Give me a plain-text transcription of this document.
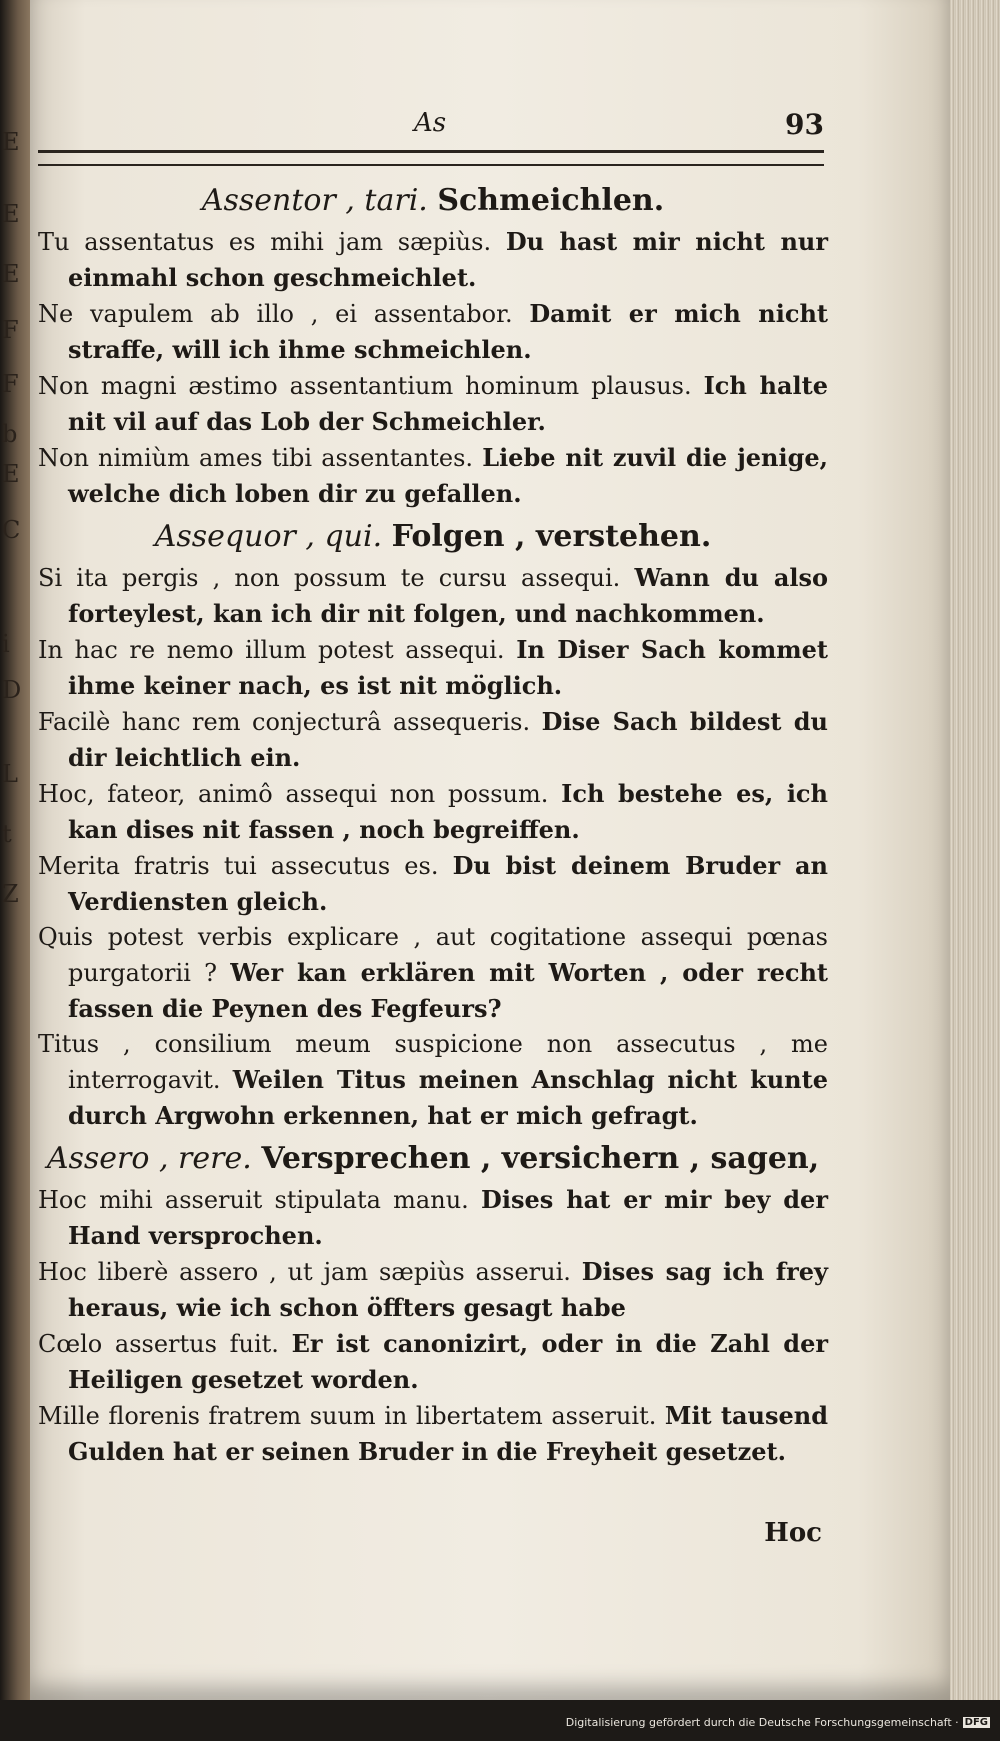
E
E
E
F
F
b
E
C
i
D
L
t
Z
As	93
Assentor , tari. Schmeichlen.
Tu assentatus es mihi jam sæpiùs. Du hast mir nicht nur einmahl schon geschmeichlet.
Ne vapulem ab illo , ei assentabor. Damit er mich nicht straffe, will ich ihme schmeichlen.
Non magni æstimo assentantium hominum plausus. Ich halte nit vil auf das Lob der Schmeichler.
Non nimiùm ames tibi assentantes. Liebe nit zuvil die jenige, welche dich loben dir zu gefallen.
Assequor , qui. Folgen , verstehen.
Si ita pergis , non possum te cursu assequi. Wann du also forteylest, kan ich dir nit folgen, und nachkommen.
In hac re nemo illum potest assequi. In Diser Sach kommet ihme keiner nach, es ist nit möglich.
Facilè hanc rem conjecturâ assequeris. Dise Sach bildest du dir leichtlich ein.
Hoc, fateor, animô assequi non possum. Ich bestehe es, ich kan dises nit fassen , noch begreiffen.
Merita fratris tui assecutus es. Du bist deinem Bruder an Verdiensten gleich.
Quis potest verbis explicare , aut cogitatione assequi pœnas purgatorii ? Wer kan erklären mit Worten , oder recht fassen die Peynen des Fegfeurs?
Titus , consilium meum suspicione non assecutus , me interrogavit. Weilen Titus meinen Anschlag nicht kunte durch Argwohn erkennen, hat er mich gefragt.
Assero , rere. Versprechen , versichern , sagen,
Hoc mihi asseruit stipulata manu. Dises hat er mir bey der Hand versprochen.
Hoc liberè assero , ut jam sæpiùs asserui. Dises sag ich frey heraus, wie ich schon öffters gesagt habe
Cœlo assertus fuit. Er ist canonizirt, oder in die Zahl der Heiligen gesetzet worden.
Mille florenis fratrem suum in libertatem asseruit. Mit tausend Gulden hat er seinen Bruder in die Freyheit gesetzet.
Hoc
Digitalisierung gefördert durch die Deutsche Forschungsgemeinschaft · DFG
